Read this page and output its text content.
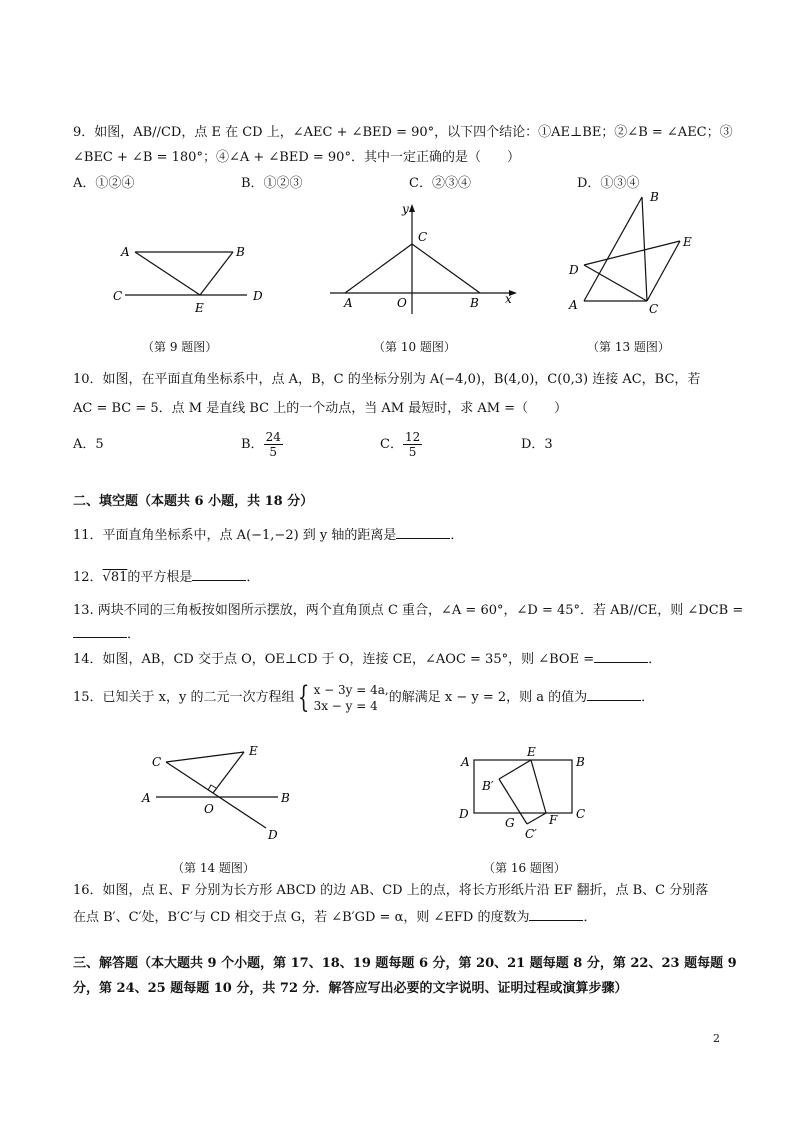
9．如图，AB//CD，点 E 在 CD 上，∠AEC + ∠BED = 90°，以下四个结论：①AE⊥BE；②∠B = ∠AEC；③
∠BEC + ∠B = 180°；④∠A + ∠BED = 90°．其中一定正确的是（　　）
A．①②④	B．①②③	C．②③④	D．①③④
A	B
C	D
E
（第 9 题图）
y
x
C
A	O	B
（第 10 题图）
B
E
D
A	C
（第 13 题图）
10．如图，在平面直角坐标系中，点 A，B，C 的坐标分别为 A(−4,0)，B(4,0)，C(0,3) 连接 AC，BC，若
AC = BC = 5．点 M 是直线 BC 上的一个动点，当 AM 最短时，求 AM =（　　）
A．5	B． $\frac{24}{5}$	C． $\frac{12}{5}$	D．3
二、填空题（本题共 6 小题，共 18 分）
11．平面直角坐标系中，点 A(−1,−2) 到 y 轴的距离是	．
12．√81的平方根是	．
13. 两块不同的三角板按如图所示摆放，两个直角顶点 C 重合，∠A = 60°，∠D = 45°．若 AB//CE，则 ∠DCB =
．
14．如图，AB，CD 交于点 O，OE⊥CD 于 O，连接 CE，∠AOC = 35°，则 ∠BOE =	．
15．已知关于 x，y 的二元一次方程组 { x − 3y = 4a,
3x − y = 4
的解满足 x − y = 2，则 a 的值为	．
C
E
A
O
B
D
（第 14 题图）
A
E
B
B′
D
G	F C
C′
（第 16 题图）
16．如图，点 E、F 分别为长方形 ABCD 的边 AB、CD 上的点，将长方形纸片沿 EF 翻折，点 B、C 分别落
在点 B′、C′处，B′C′与 CD 相交于点 G，若 ∠B′GD = α，则 ∠EFD 的度数为	．
三、解答题（本大题共 9 个小题，第 17、18、19 题每题 6 分，第 20、21 题每题 8 分，第 22、23 题每题 9
分，第 24、25 题每题 10 分，共 72 分．解答应写出必要的文字说明、证明过程或演算步骤）
2
